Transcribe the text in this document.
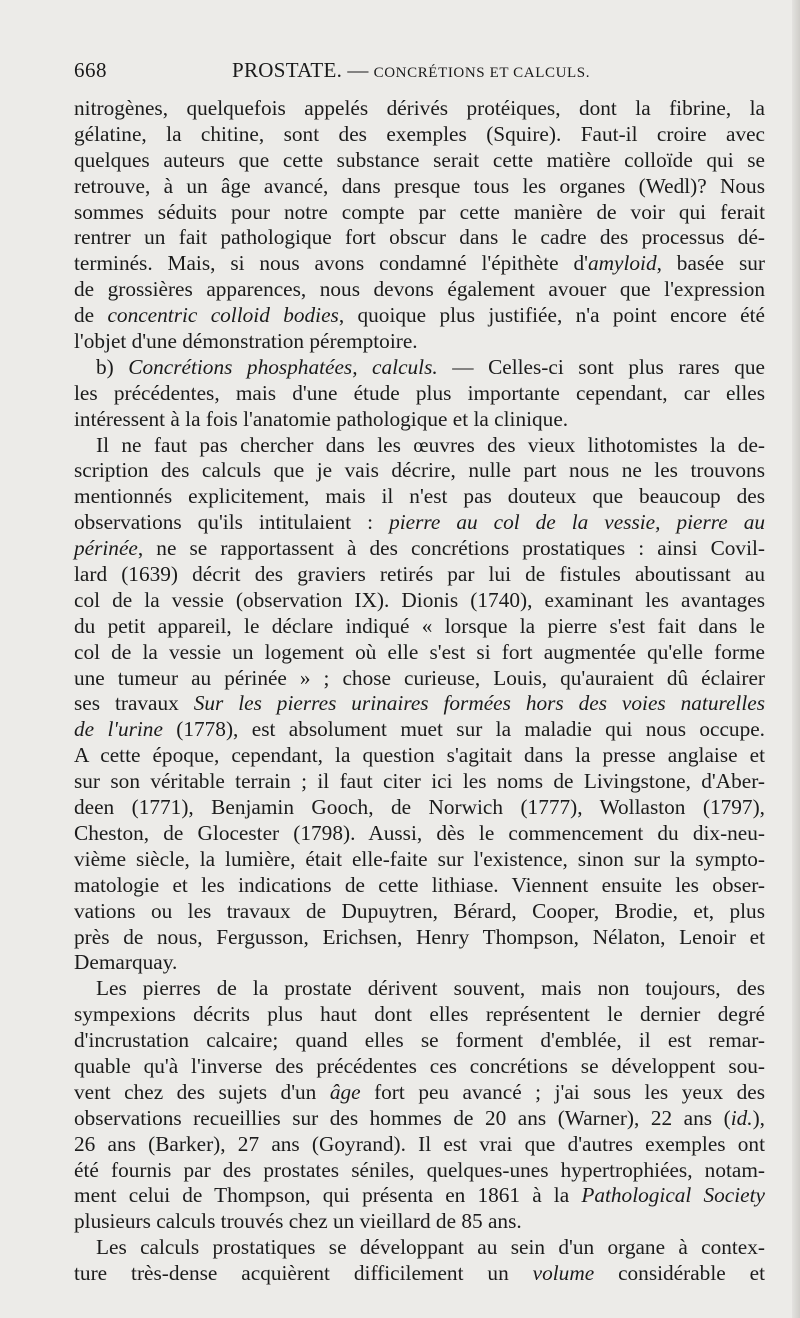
668	PROSTATE. — CONCRÉTIONS ET CALCULS.
nitrogènes, quelquefois appelés dérivés protéiques, dont la fibrine, la
gélatine, la chitine, sont des exemples (Squire). Faut-il croire avec
quelques auteurs que cette substance serait cette matière colloïde qui se
retrouve, à un âge avancé, dans presque tous les organes (Wedl)? Nous
sommes séduits pour notre compte par cette manière de voir qui ferait
rentrer un fait pathologique fort obscur dans le cadre des processus dé-
terminés. Mais, si nous avons condamné l'épithète d'amyloid, basée sur
de grossières apparences, nous devons également avouer que l'expression
de concentric colloid bodies, quoique plus justifiée, n'a point encore été
l'objet d'une démonstration péremptoire.
b) Concrétions phosphatées, calculs. — Celles-ci sont plus rares que
les précédentes, mais d'une étude plus importante cependant, car elles
intéressent à la fois l'anatomie pathologique et la clinique.
Il ne faut pas chercher dans les œuvres des vieux lithotomistes la de-
scription des calculs que je vais décrire, nulle part nous ne les trouvons
mentionnés explicitement, mais il n'est pas douteux que beaucoup des
observations qu'ils intitulaient : pierre au col de la vessie, pierre au
périnée, ne se rapportassent à des concrétions prostatiques : ainsi Covil-
lard (1639) décrit des graviers retirés par lui de fistules aboutissant au
col de la vessie (observation IX). Dionis (1740), examinant les avantages
du petit appareil, le déclare indiqué « lorsque la pierre s'est fait dans le
col de la vessie un logement où elle s'est si fort augmentée qu'elle forme
une tumeur au périnée » ; chose curieuse, Louis, qu'auraient dû éclairer
ses travaux Sur les pierres urinaires formées hors des voies naturelles
de l'urine (1778), est absolument muet sur la maladie qui nous occupe.
A cette époque, cependant, la question s'agitait dans la presse anglaise et
sur son véritable terrain ; il faut citer ici les noms de Livingstone, d'Aber-
deen (1771), Benjamin Gooch, de Norwich (1777), Wollaston (1797),
Cheston, de Glocester (1798). Aussi, dès le commencement du dix-neu-
vième siècle, la lumière, était elle-faite sur l'existence, sinon sur la sympto-
matologie et les indications de cette lithiase. Viennent ensuite les obser-
vations ou les travaux de Dupuytren, Bérard, Cooper, Brodie, et, plus
près de nous, Fergusson, Erichsen, Henry Thompson, Nélaton, Lenoir et
Demarquay.
Les pierres de la prostate dérivent souvent, mais non toujours, des
sympexions décrits plus haut dont elles représentent le dernier degré
d'incrustation calcaire; quand elles se forment d'emblée, il est remar-
quable qu'à l'inverse des précédentes ces concrétions se développent sou-
vent chez des sujets d'un âge fort peu avancé ; j'ai sous les yeux des
observations recueillies sur des hommes de 20 ans (Warner), 22 ans (id.),
26 ans (Barker), 27 ans (Goyrand). Il est vrai que d'autres exemples ont
été fournis par des prostates séniles, quelques-unes hypertrophiées, notam-
ment celui de Thompson, qui présenta en 1861 à la Pathological Society
plusieurs calculs trouvés chez un vieillard de 85 ans.
Les calculs prostatiques se développant au sein d'un organe à contex-
ture très-dense acquièrent difficilement un volume considérable et
